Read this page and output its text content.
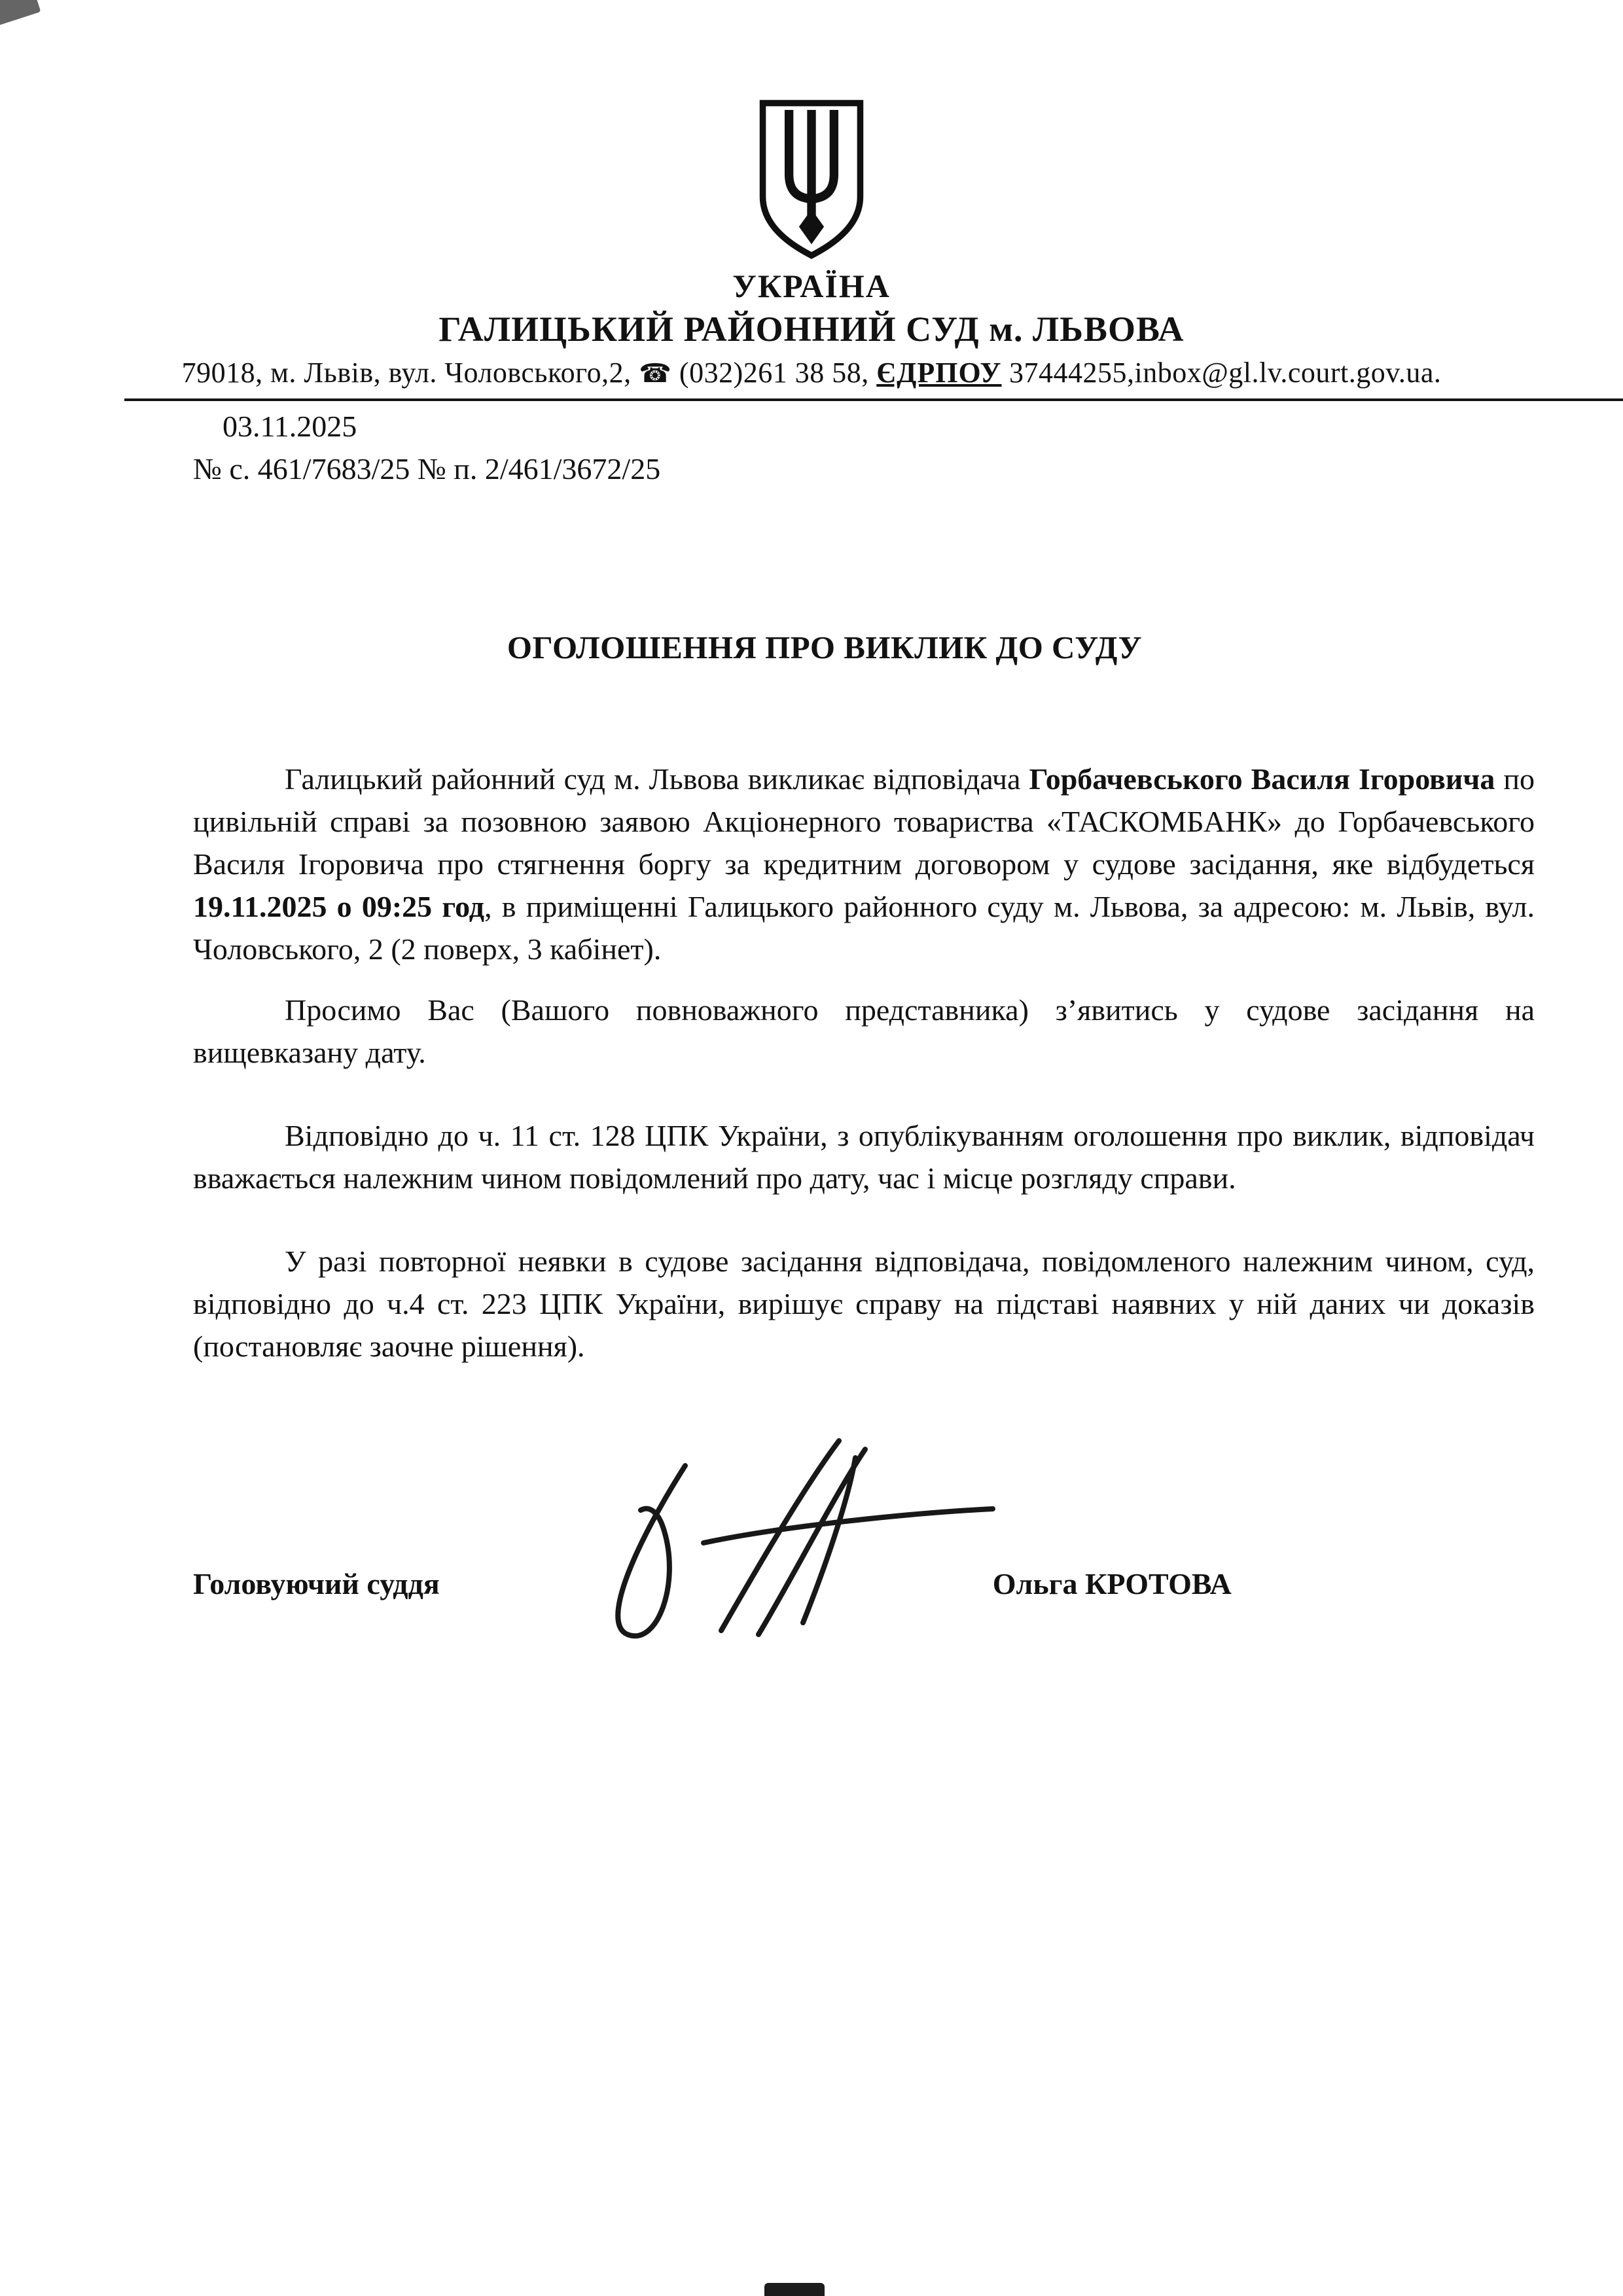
УКРАЇНА
ГАЛИЦЬКИЙ РАЙОННИЙ СУД м. ЛЬВОВА
79018, м. Львів, вул. Чоловського,2, ☎ (032)261 38 58, ЄДРПОУ 37444255,inbox@gl.lv.court.gov.ua.
03.11.2025
№ с. 461/7683/25 № п. 2/461/3672/25
ОГОЛОШЕННЯ ПРО ВИКЛИК ДО СУДУ

Галицький районний суд м. Львова викликає відповідача Горбачевського Василя Ігоровича по цивільній справі за позовною заявою Акціонерного товариства «ТАСКОМБАНК» до Горбачевського Василя Ігоровича про стягнення боргу за кредитним договором у судове засідання, яке відбудеться 19.11.2025 о 09:25 год, в приміщенні Галицького районного суду м. Львова, за адресою: м. Львів, вул. Чоловського, 2 (2 поверх, 3 кабінет).

Просимо Вас (Вашого повноважного представника) з’явитись у судове засідання на вищевказану дату.

Відповідно до ч. 11 ст. 128 ЦПК України, з опублікуванням оголошення про виклик, відповідач вважається належним чином повідомлений про дату, час і місце розгляду справи.

У разі повторної неявки в судове засідання відповідача, повідомленого належним чином, суд, відповідно до ч.4 ст. 223 ЦПК України, вирішує справу на підставі наявних у ній даних чи доказів (постановляє заочне рішення).

Головуючий суддя	Ольга КРОТОВА
